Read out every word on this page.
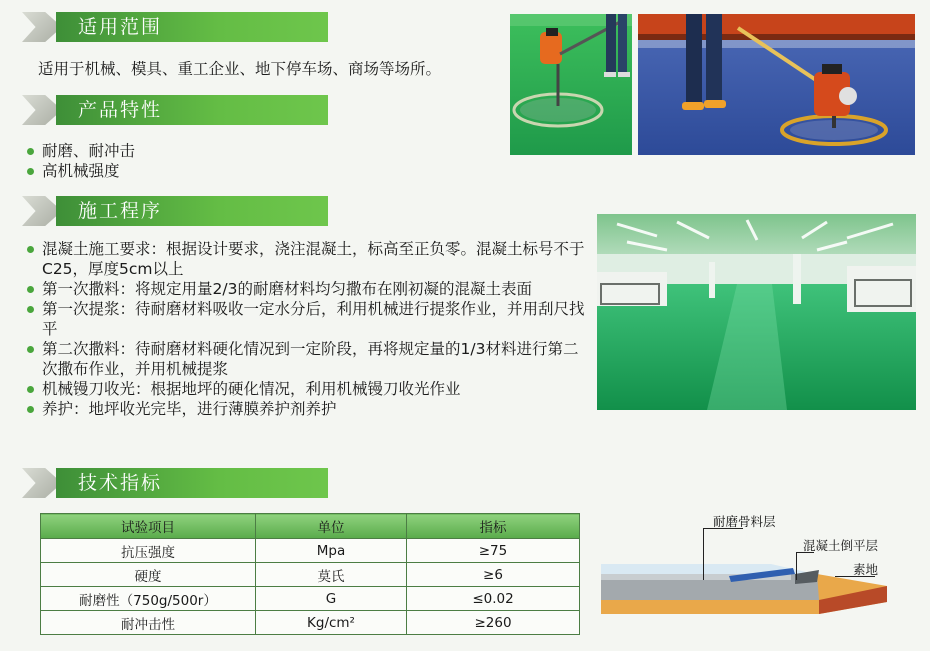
适用范围
适用于机械、模具、重工企业、地下停车场、商场等场所。
产品特性
耐磨、耐冲击
高机械强度
施工程序
混凝土施工要求：根据设计要求，浇注混凝土，标高至正负零。混凝土标号不于C25，厚度5cm以上
第一次撒料：将规定用量2/3的耐磨材料均匀撒布在刚初凝的混凝土表面
第一次提浆：待耐磨材料吸收一定水分后，利用机械进行提浆作业，并用刮尺找平
第二次撒料：待耐磨材料硬化情况到一定阶段，再将规定量的1/3材料进行第二次撒布作业，并用机械提浆
机械镘刀收光：根据地坪的硬化情况，利用机械镘刀收光作业
养护：地坪收光完毕，进行薄膜养护剂养护
技术指标
试验项目	单位	指标
抗压强度	Mpa	≥75
硬度	莫氏	≥6
耐磨性（750g/500r）	G	≤0.02
耐冲击性	Kg/cm²	≥260
耐磨骨料层
混凝土倒平层
素地
